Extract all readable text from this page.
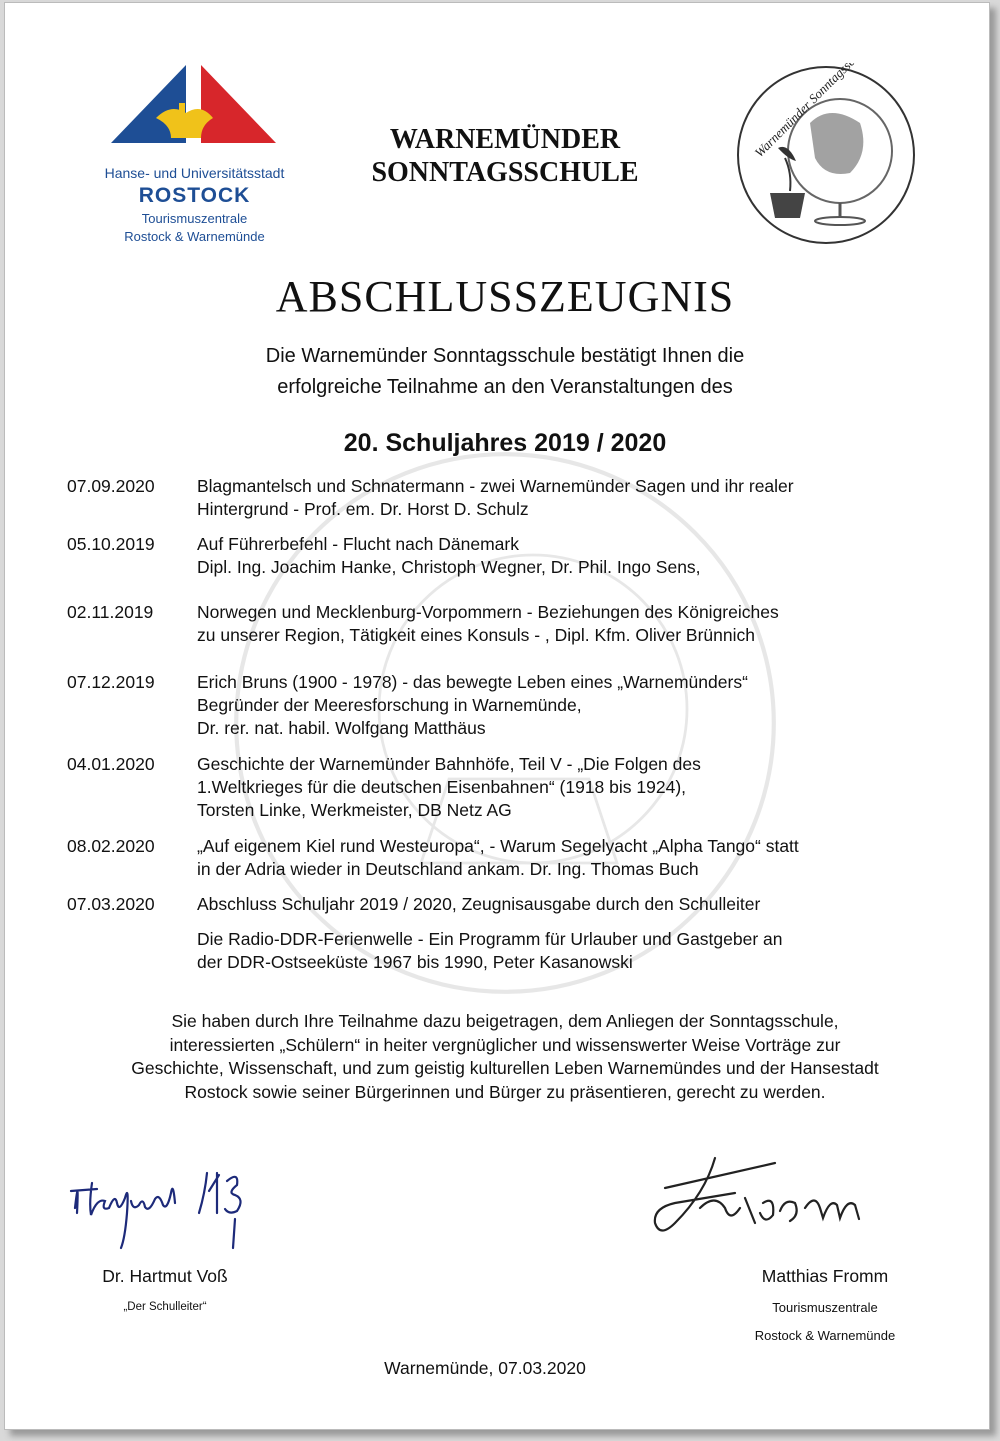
Hanse- und Universitätsstadt
ROSTOCK
Tourismuszentrale
Rostock & Warnemünde
WARNEMÜNDER
SONNTAGSSCHULE
ABSCHLUSSZEUGNIS
Die Warnemünder Sonntagsschule bestätigt Ihnen die
erfolgreiche Teilnahme an den Veranstaltungen des
20. Schuljahres 2019 / 2020
07.09.2020	Blagmantelsch und Schnatermann - zwei Warnemünder Sagen und ihr realer
Hintergrund - Prof. em. Dr. Horst D. Schulz
05.10.2019	Auf Führerbefehl - Flucht nach Dänemark
Dipl. Ing. Joachim Hanke, Christoph Wegner, Dr. Phil. Ingo Sens,
02.11.2019	Norwegen und Mecklenburg-Vorpommern - Beziehungen des Königreiches
zu unserer Region, Tätigkeit eines Konsuls - , Dipl. Kfm. Oliver Brünnich
07.12.2019	Erich Bruns (1900 - 1978) - das bewegte Leben eines „Warnemünders“
Begründer der Meeresforschung in Warnemünde,
Dr. rer. nat. habil. Wolfgang Matthäus
04.01.2020	Geschichte der Warnemünder Bahnhöfe, Teil V - „Die Folgen des
1.Weltkrieges für die deutschen Eisenbahnen“ (1918 bis 1924),
Torsten Linke, Werkmeister, DB Netz AG
08.02.2020	„Auf eigenem Kiel rund Westeuropa“, - Warum Segelyacht „Alpha Tango“ statt
in der Adria wieder in Deutschland ankam. Dr. Ing. Thomas Buch
07.03.2020	Abschluss Schuljahr 2019 / 2020, Zeugnisausgabe durch den Schulleiter
Die Radio-DDR-Ferienwelle - Ein Programm für Urlauber und Gastgeber an
der DDR-Ostseeküste 1967 bis 1990, Peter Kasanowski
Sie haben durch Ihre Teilnahme dazu beigetragen, dem Anliegen der Sonntagsschule,
interessierten „Schülern“ in heiter vergnüglicher und wissenswerter Weise Vorträge zur
Geschichte, Wissenschaft, und zum geistig kulturellen Leben Warnemündes und der Hansestadt
Rostock sowie seiner Bürgerinnen und Bürger zu präsentieren, gerecht zu werden.
Dr. Hartmut Voß
„Der Schulleiter“
Matthias Fromm
Tourismuszentrale
Rostock & Warnemünde
Warnemünde, 07.03.2020
